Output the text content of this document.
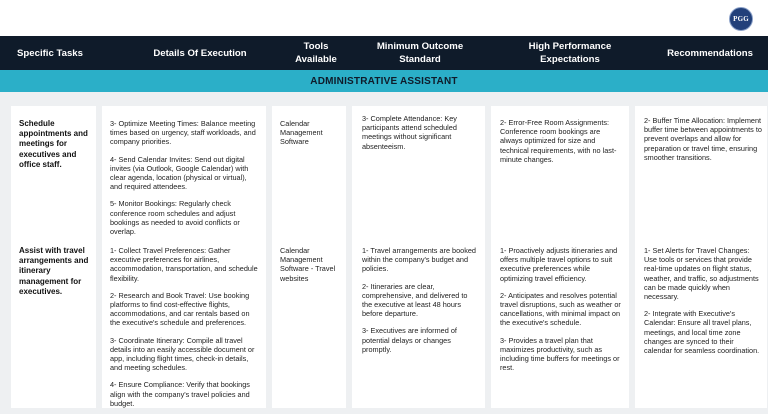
PGG
Specific Tasks	Details Of Execution
Tools Available
Minimum Outcome Standard
High Performance Expectations
Recommendations
ADMINISTRATIVE ASSISTANT
Schedule appointments and meetings for executives and office staff.

3- Optimize Meeting Times: Balance meeting times based on urgency, staff workloads, and company priorities.

4- Send Calendar Invites: Send out digital invites (via Outlook, Google Calendar) with clear agenda, location (physical or virtual), and required attendees.

5- Monitor Bookings: Regularly check conference room schedules and adjust bookings as needed to avoid conflicts or overlap.

Calendar Management Software

3- Complete Attendance: Key participants attend scheduled meetings without significant absenteeism.

2- Error-Free Room Assignments: Conference room bookings are always optimized for size and technical requirements, with no last-minute changes.

2- Buffer Time Allocation: Implement buffer time between appointments to prevent overlaps and allow for preparation or travel time, ensuring smoother transitions.

Assist with travel arrangements and itinerary management for executives.

1- Collect Travel Preferences: Gather executive preferences for airlines, accommodation, transportation, and schedule flexibility.

2- Research and Book Travel: Use booking platforms to find cost-effective flights, accommodations, and car rentals based on the executive's schedule and preferences.

3- Coordinate Itinerary: Compile all travel details into an easily accessible document or app, including flight times, check-in details, and meeting schedules.

4- Ensure Compliance: Verify that bookings align with the company's travel policies and budget.

Calendar Management Software - Travel websites

1- Travel arrangements are booked within the company's budget and policies.

2- Itineraries are clear, comprehensive, and delivered to the executive at least 48 hours before departure.

3- Executives are informed of potential delays or changes promptly.

1- Proactively adjusts itineraries and offers multiple travel options to suit executive preferences while optimizing travel efficiency.

2- Anticipates and resolves potential travel disruptions, such as weather or cancellations, with minimal impact on the executive's schedule.

3- Provides a travel plan that maximizes productivity, such as including time buffers for meetings or rest.

1- Set Alerts for Travel Changes: Use tools or services that provide real-time updates on flight status, weather, and traffic, so adjustments can be made quickly when necessary.

2- Integrate with Executive's Calendar: Ensure all travel plans, meetings, and local time zone changes are synced to their calendar for seamless coordination.
